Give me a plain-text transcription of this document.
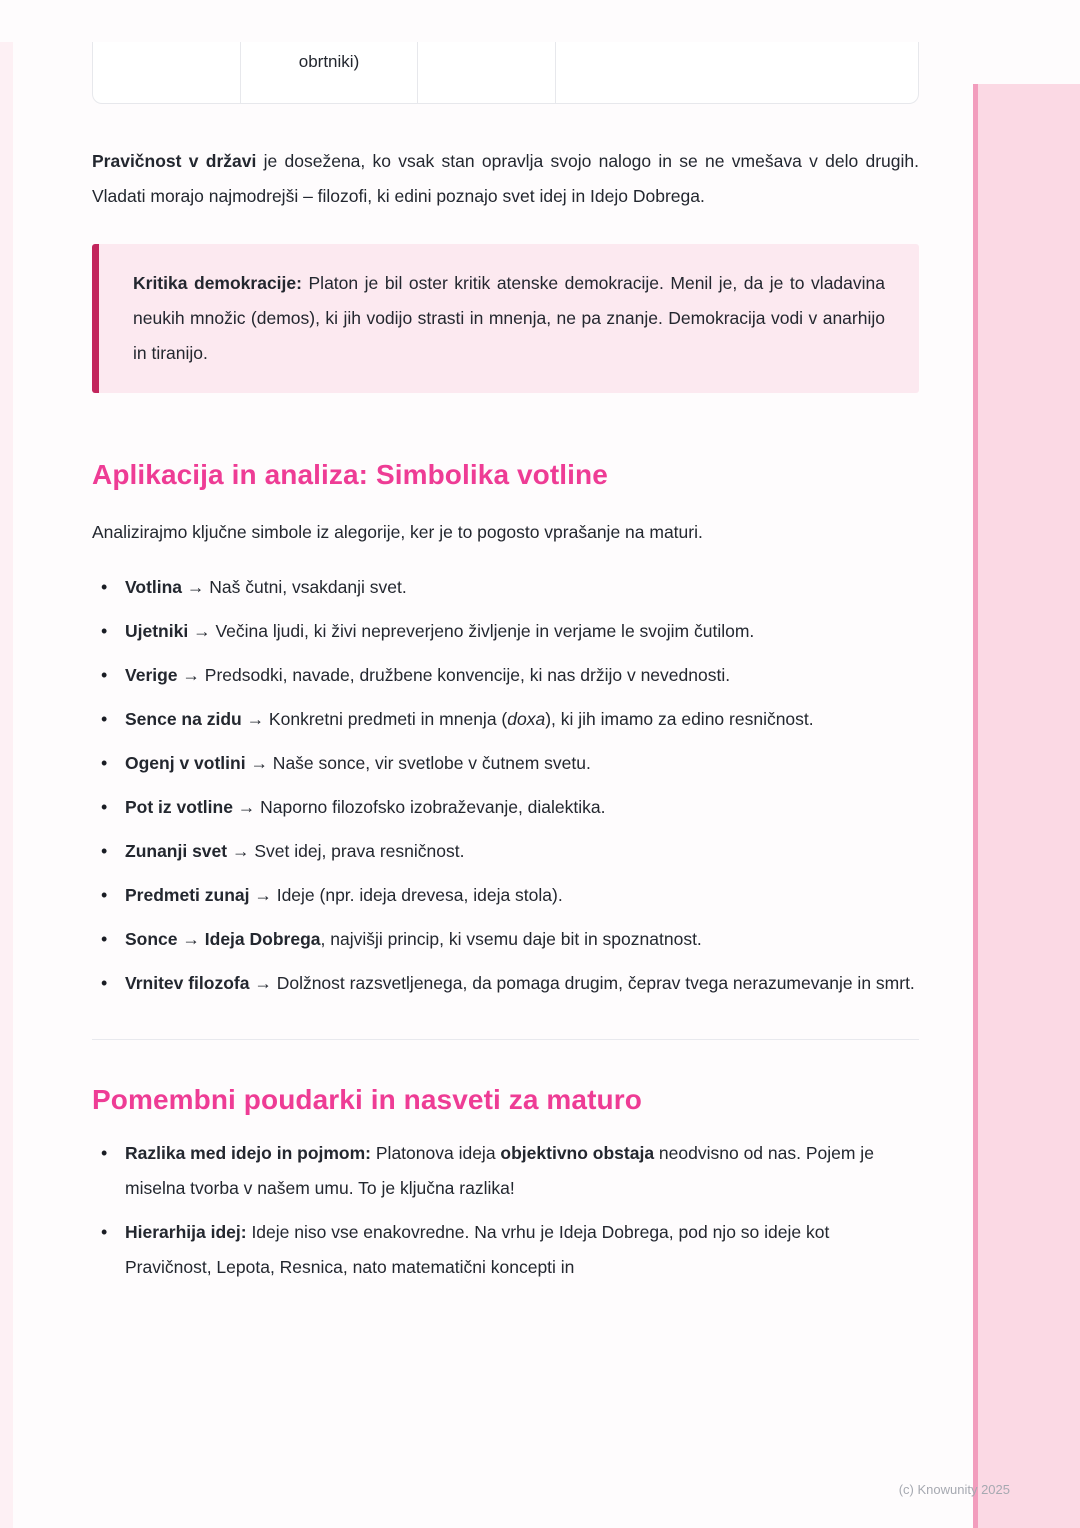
obrtniki)

Pravičnost v državi je dosežena, ko vsak stan opravlja svojo nalogo in se ne vmešava v delo drugih. Vladati morajo najmodrejši – filozofi, ki edini poznajo svet idej in Idejo Dobrega.

Kritika demokracije: Platon je bil oster kritik atenske demokracije. Menil je, da je to vladavina neukih množic (demos), ki jih vodijo strasti in mnenja, ne pa znanje. Demokracija vodi v anarhijo in tiranijo.

Aplikacija in analiza: Simbolika votline

Analizirajmo ključne simbole iz alegorije, ker je to pogosto vprašanje na maturi.

• Votlina → Naš čutni, vsakdanji svet.
• Ujetniki → Večina ljudi, ki živi nepreverjeno življenje in verjame le svojim čutilom.
• Verige → Predsodki, navade, družbene konvencije, ki nas držijo v nevednosti.
• Sence na zidu → Konkretni predmeti in mnenja (doxa), ki jih imamo za edino resničnost.
• Ogenj v votlini → Naše sonce, vir svetlobe v čutnem svetu.
• Pot iz votline → Naporno filozofsko izobraževanje, dialektika.
• Zunanji svet → Svet idej, prava resničnost.
• Predmeti zunaj → Ideje (npr. ideja drevesa, ideja stola).
• Sonce → Ideja Dobrega, najvišji princip, ki vsemu daje bit in spoznatnost.
• Vrnitev filozofa → Dolžnost razsvetljenega, da pomaga drugim, čeprav tvega nerazumevanje in smrt.
Pomembni poudarki in nasveti za maturo
• Razlika med idejo in pojmom: Platonova ideja objektivno obstaja neodvisno od nas. Pojem je miselna tvorba v našem umu. To je ključna razlika!
• Hierarhija idej: Ideje niso vse enakovredne. Na vrhu je Ideja Dobrega, pod njo so ideje kot Pravičnost, Lepota, Resnica, nato matematični koncepti in
(c) Knowunity 2025
